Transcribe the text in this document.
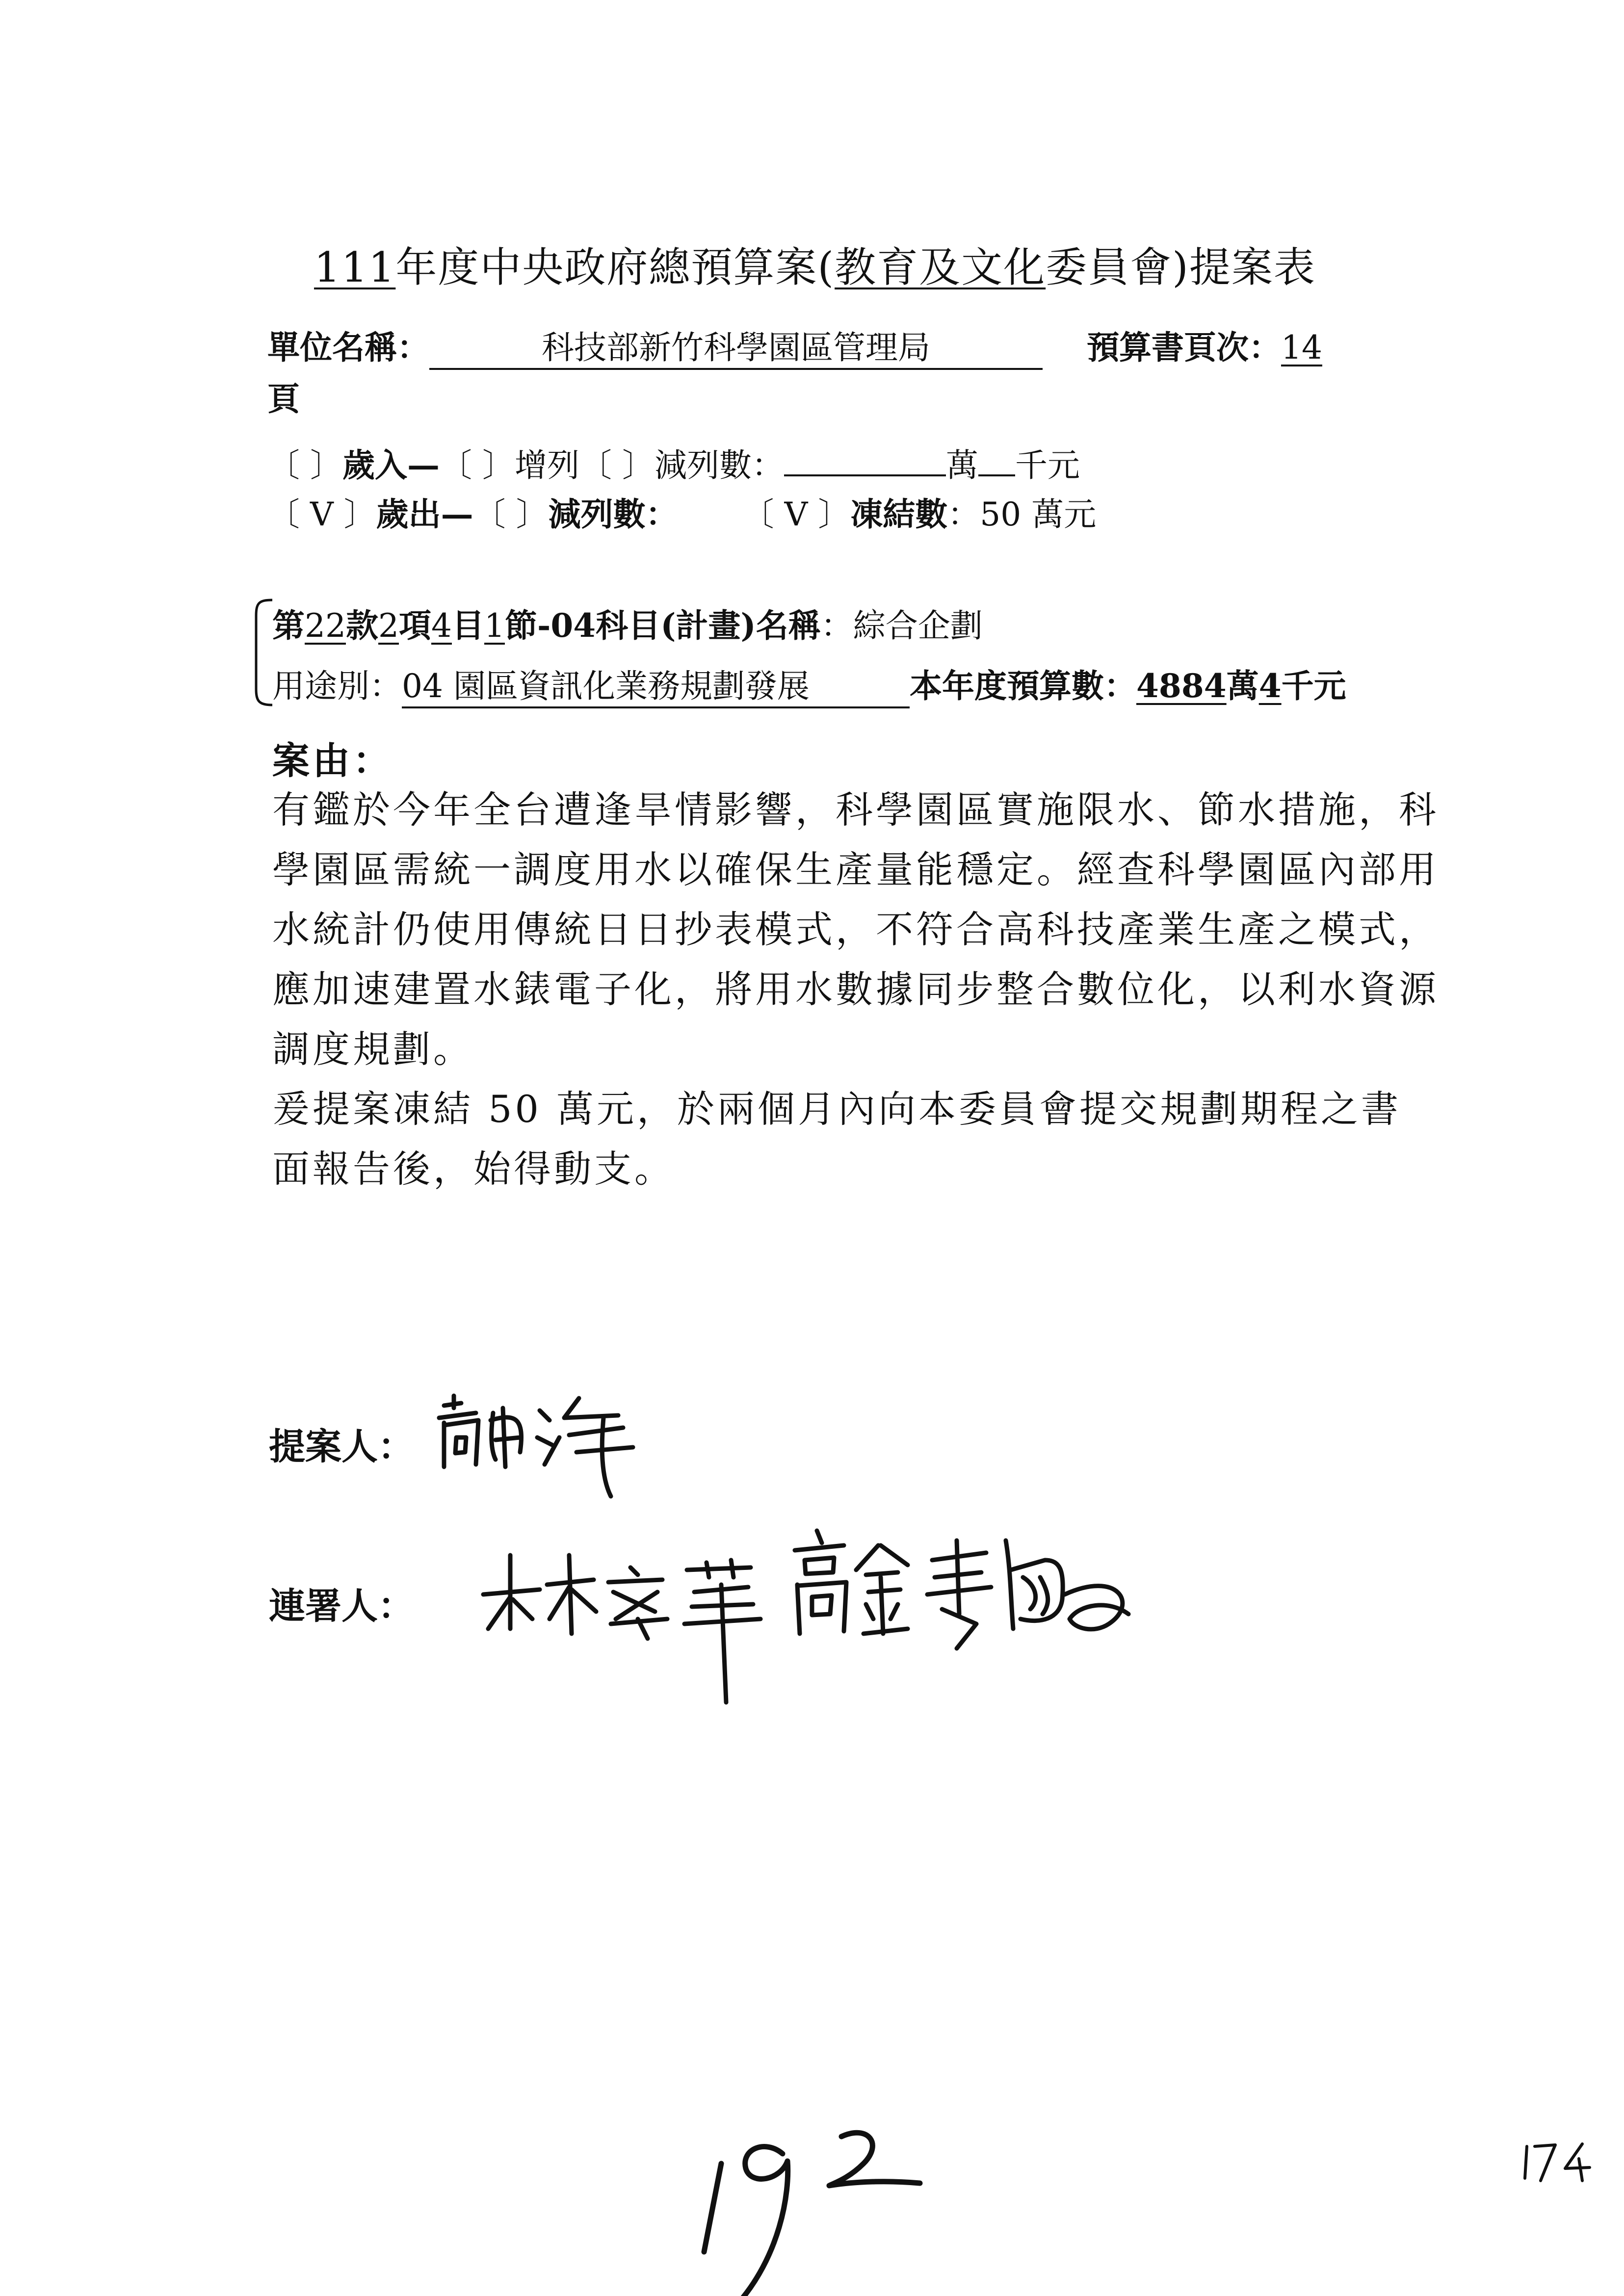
111年度中央政府總預算案(教育及文化委員會)提案表
單位名稱：	科技部新竹科學園區管理局	預算書頁次：14
頁
〔 〕歲入—〔 〕增列〔 〕減列數：	萬 千元
〔 V 〕歲出—〔 〕減列數： 〔 V 〕凍結數：50 萬元
第22款2項4目1節-04科目(計畫)名稱：綜合企劃
用途別：04 園區資訊化業務規劃發展	本年度預算數：4884萬4千元
案由：
有鑑於今年全台遭逢旱情影響，科學園區實施限水、節水措施，科學園區需統一調度用水以確保生產量能穩定。經查科學園區內部用水統計仍使用傳統日日抄表模式，不符合高科技產業生產之模式，應加速建置水錶電子化，將用水數據同步整合數位化，以利水資源調度規劃。
爰提案凍結 50 萬元，於兩個月內向本委員會提交規劃期程之書面報告後，始得動支。
提案人：
連署人：
